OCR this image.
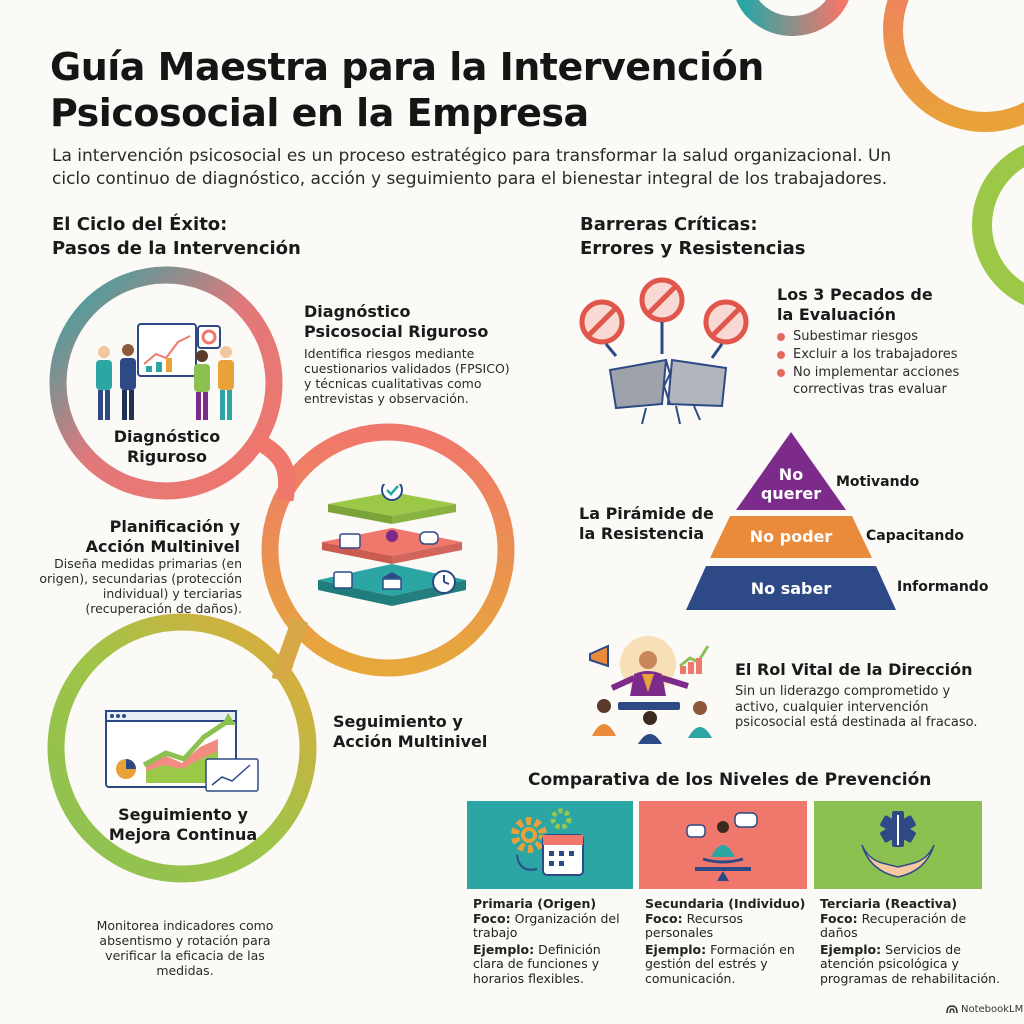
Guía Maestra para la Intervención
Psicosocial en la Empresa
La intervención psicosocial es un proceso estratégico para transformar la salud organizacional. Un
ciclo continuo de diagnóstico, acción y seguimiento para el bienestar integral de los trabajadores.
El Ciclo del Éxito:
Pasos de la Intervención
Diagnóstico
Riguroso
Diagnóstico
Psicosocial Riguroso
Identifica riesgos mediante
cuestionarios validados (FPSICO)
y técnicas cualitativas como
entrevistas y observación.
Planificación y
Acción Multinivel
Diseña medidas primarias (en
origen), secundarias (protección
individual) y terciarias
(recuperación de daños).
Seguimiento y
Mejora Continua
Seguimiento y
Acción Multinivel
Monitorea indicadores como
absentismo y rotación para
verificar la eficacia de las
medidas.
Barreras Críticas:
Errores y Resistencias
Los 3 Pecados de
la Evaluación
Subestimar riesgos
Excluir a los trabajadores
No implementar acciones
correctivas tras evaluar
La Pirámide de
la Resistencia
No
querer
No poder
No saber
Motivando
Capacitando
Informando
El Rol Vital de la Dirección
Sin un liderazgo comprometido y
activo, cualquier intervención
psicosocial está destinada al fracaso.
Comparativa de los Niveles de Prevención
Primaria (Origen)
Foco: Organización del
trabajo
Ejemplo: Definición
clara de funciones y
horarios flexibles.
Secundaria (Individuo)
Foco: Recursos
personales
Ejemplo: Formación en
gestión del estrés y
comunicación.
Terciaria (Reactiva)
Foco: Recuperación de
daños
Ejemplo: Servicios de
atención psicológica y
programas de rehabilitación.
NotebookLM
